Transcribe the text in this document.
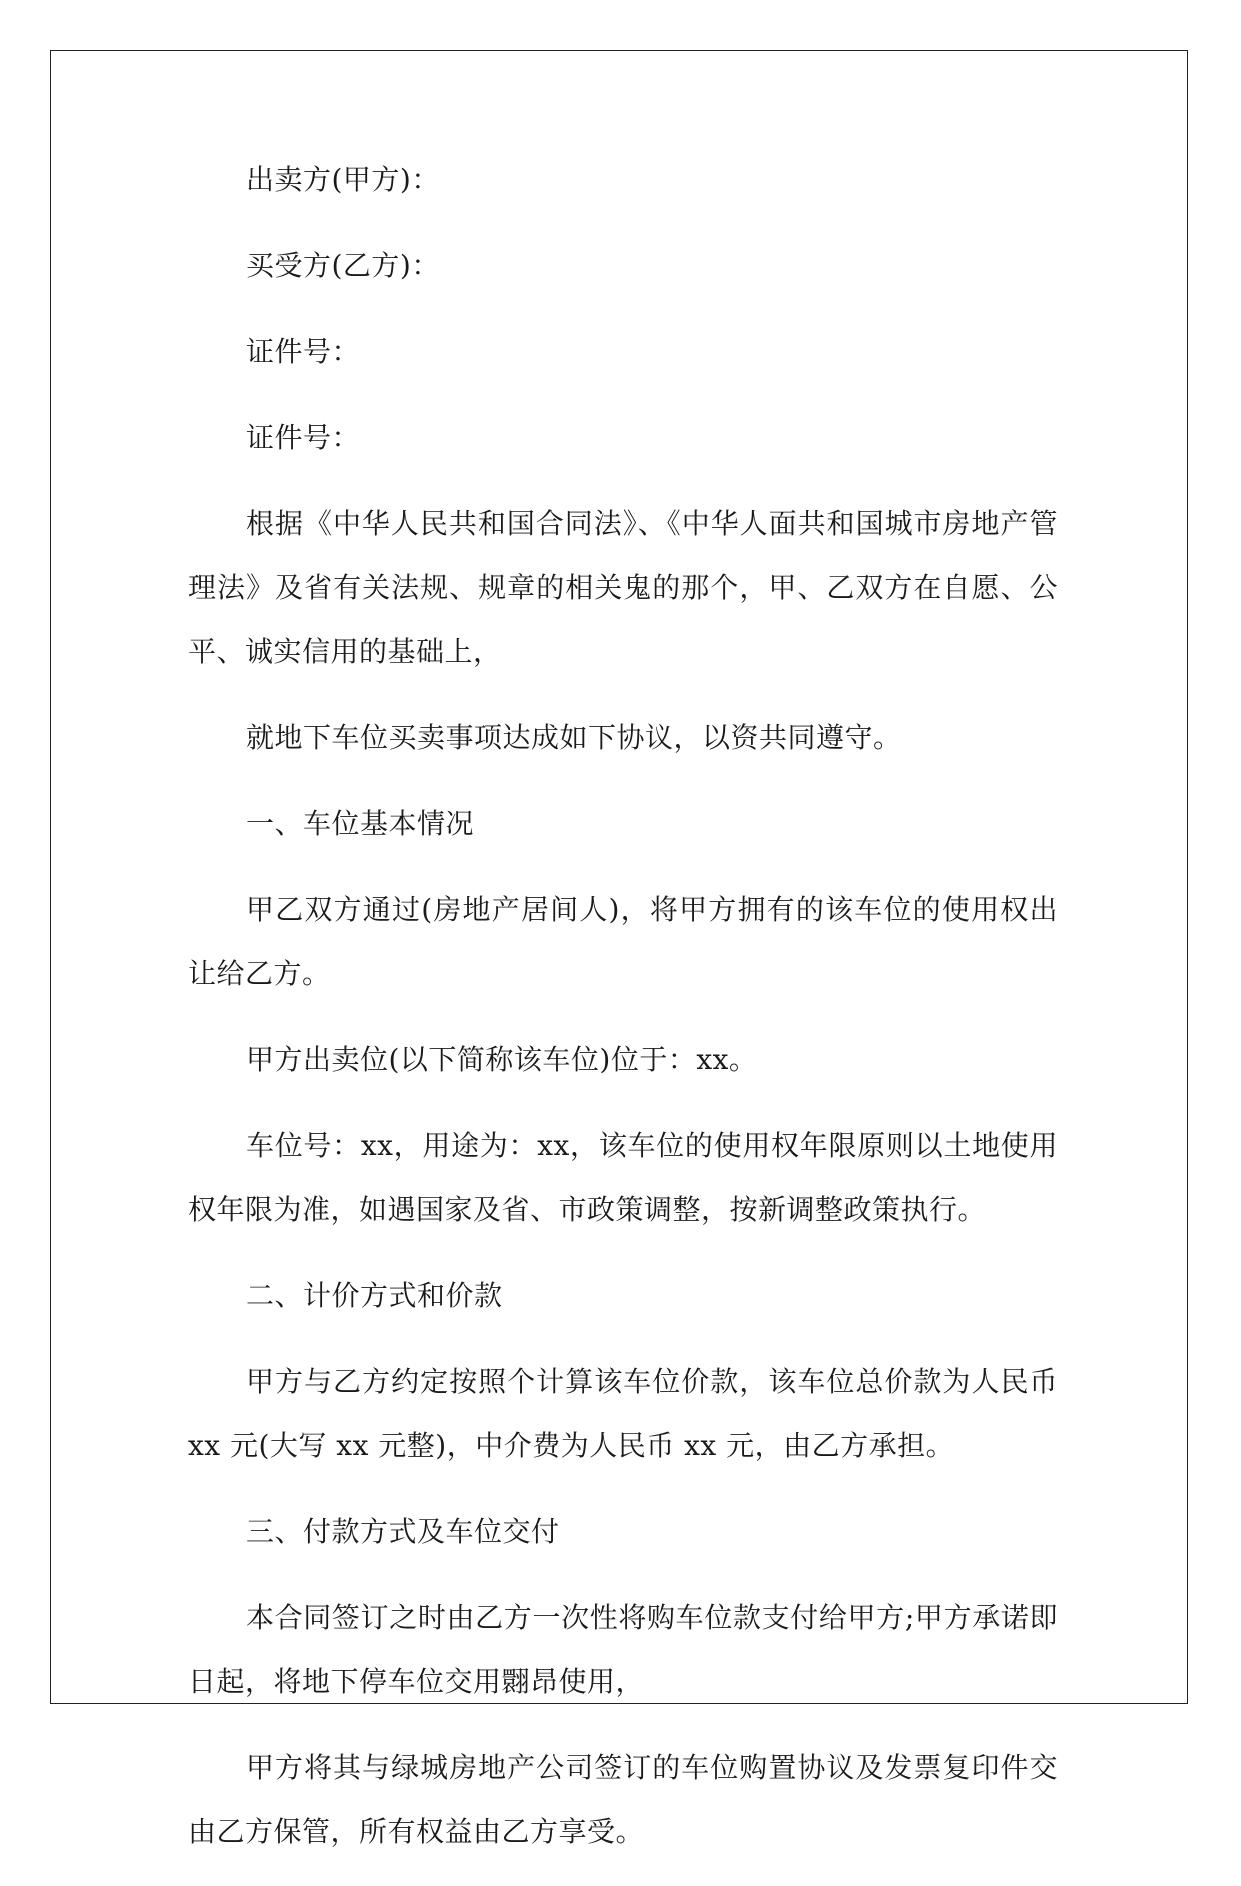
出卖方(甲方)：

买受方(乙方)：

证件号：

证件号：

根据《中华人民共和国合同法》、《中华人面共和国城市房地产管理法》及省有关法规、规章的相关鬼的那个，甲、乙双方在自愿、公平、诚实信用的基础上，

就地下车位买卖事项达成如下协议，以资共同遵守。

一、车位基本情况

甲乙双方通过(房地产居间人)，将甲方拥有的该车位的使用权出让给乙方。

甲方出卖位(以下简称该车位)位于：xx。

车位号：xx，用途为：xx，该车位的使用权年限原则以土地使用权年限为准，如遇国家及省、市政策调整，按新调整政策执行。

二、计价方式和价款

甲方与乙方约定按照个计算该车位价款，该车位总价款为人民币 xx 元(大写 xx 元整)，中介费为人民币 xx 元，由乙方承担。

三、付款方式及车位交付

本合同签订之时由乙方一次性将购车位款支付给甲方;甲方承诺即日起，将地下停车位交用翾昂使用，

甲方将其与绿城房地产公司签订的车位购置协议及发票复印件交由乙方保管，所有权益由乙方享受。
